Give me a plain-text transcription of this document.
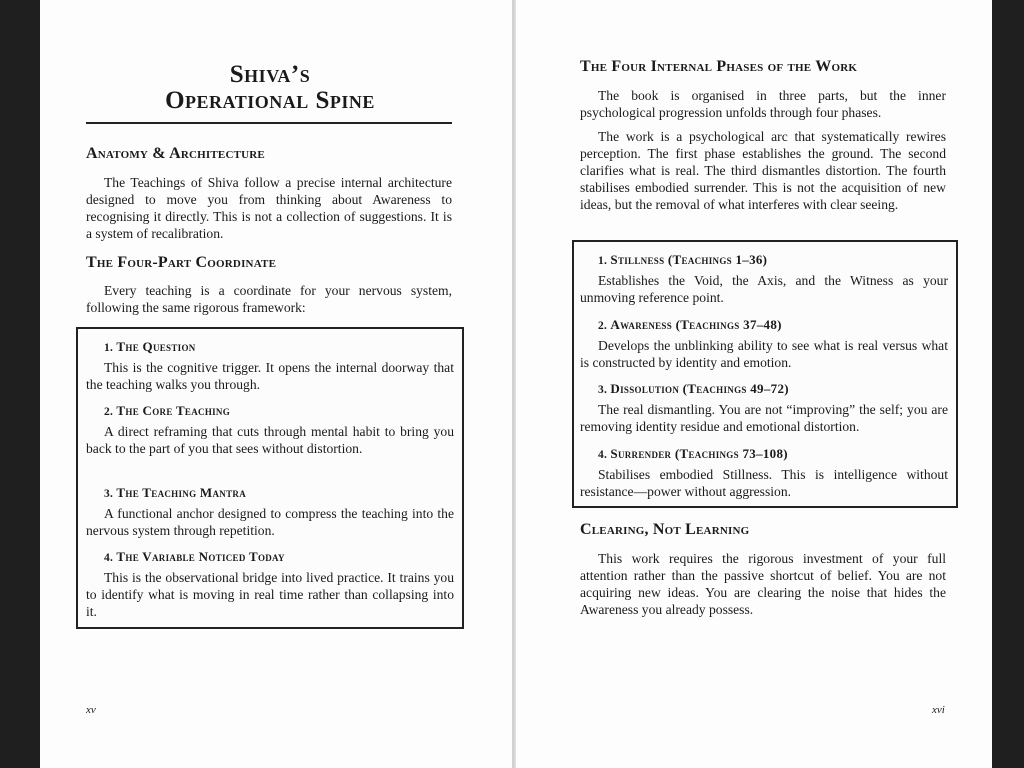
Shiva’s
Operational Spine
Anatomy & Architecture

The Teachings of Shiva follow a precise internal architecture designed to move you from thinking about Awareness to recognising it directly. This is not a collection of suggestions. It is a system of recalibration.

The Four-Part Coordinate

Every teaching is a coordinate for your nervous system, following the same rigorous framework:

1. The Question

This is the cognitive trigger. It opens the internal doorway that the teaching walks you through.

2. The Core Teaching

A direct reframing that cuts through mental habit to bring you back to the part of you that sees without distortion.

3. The Teaching Mantra

A functional anchor designed to compress the teaching into the nervous system through repetition.

4. The Variable Noticed Today

This is the observational bridge into lived practice. It trains you to identify what is moving in real time rather than collapsing into it.

xv
The Four Internal Phases of the Work

The book is organised in three parts, but the inner psychological progression unfolds through four phases.

The work is a psychological arc that systematically rewires perception. The first phase establishes the ground. The second clarifies what is real. The third dismantles distortion. The fourth stabilises embodied surrender. This is not the acquisition of new ideas, but the removal of what interferes with clear seeing.

1. Stillness (Teachings 1–36)

Establishes the Void, the Axis, and the Witness as your unmoving reference point.

2. Awareness (Teachings 37–48)

Develops the unblinking ability to see what is real versus what is constructed by identity and emotion.

3. Dissolution (Teachings 49–72)

The real dismantling. You are not “improving” the self; you are removing identity residue and emotional distortion.

4. Surrender (Teachings 73–108)

Stabilises embodied Stillness. This is intelligence without resistance—power without aggression.

Clearing, Not Learning

This work requires the rigorous investment of your full attention rather than the passive shortcut of belief. You are not acquiring new ideas. You are clearing the noise that hides the Awareness you already possess.

xvi
